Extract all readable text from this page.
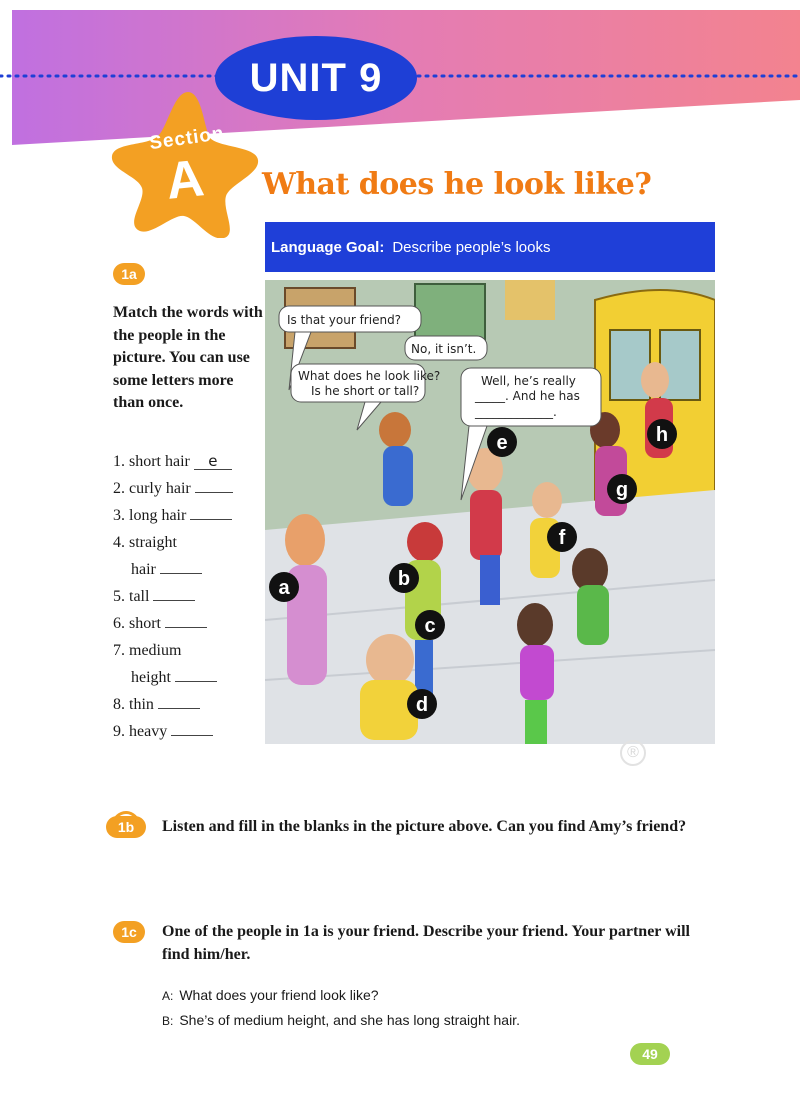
UNIT 9
Section
A	What does he look like?
Language Goal: Describe people’s looks
Is that your friend?
No, it isn’t.
What does he look like?
Is he short or tall?
Well, he’s really
_____. And he has
_____________.
a	b
c
d
e
f
g
h
1a
Match the words with the people in the picture. You can use some letters more than once.
1. short hair e
2. curly hair
3. long hair
4. straight
hair
5. tall
6. short
7. medium
height
8. thin
9. heavy
®
1b Listen and fill in the blanks in the picture above. Can you find Amy’s friend?
1c	One of the people in 1a is your friend. Describe your friend. Your partner will find him/her.
A: What does your friend look like?
B: She’s of medium height, and she has long straight hair.
49
